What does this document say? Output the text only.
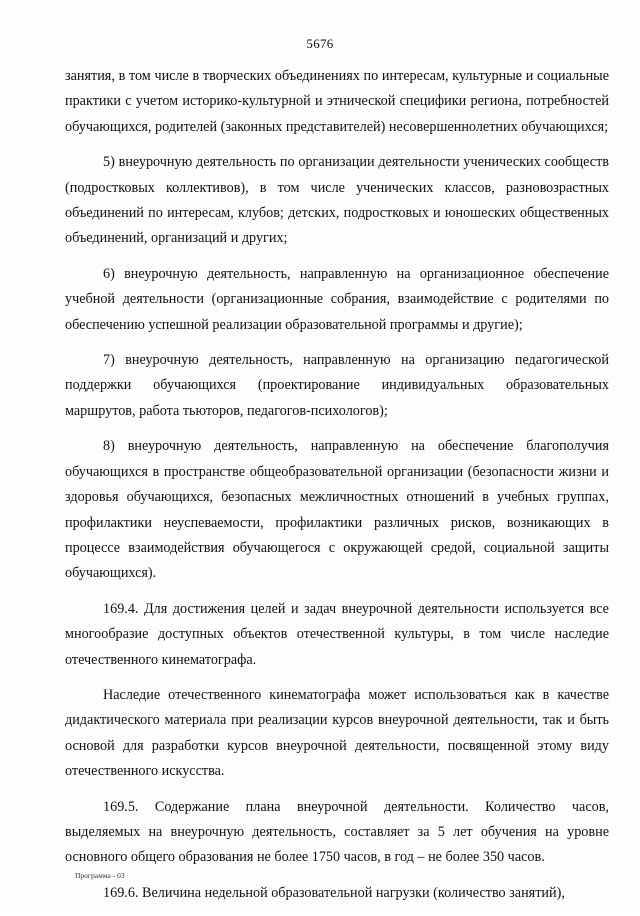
5676

занятия, в том числе в творческих объединениях по интересам, культурные и социальные практики с учетом историко-культурной и этнической специфики региона, потребностей обучающихся, родителей (законных представителей) несовершеннолетних обучающихся;

5) внеурочную деятельность по организации деятельности ученических сообществ (подростковых коллективов), в том числе ученических классов, разновозрастных объединений по интересам, клубов; детских, подростковых и юношеских общественных объединений, организаций и других;

6) внеурочную деятельность, направленную на организационное обеспечение учебной деятельности (организационные собрания, взаимодействие с родителями по обеспечению успешной реализации образовательной программы и другие);

7) внеурочную деятельность, направленную на организацию педагогической поддержки обучающихся (проектирование индивидуальных образовательных маршрутов, работа тьюторов, педагогов-психологов);

8) внеурочную деятельность, направленную на обеспечение благополучия обучающихся в пространстве общеобразовательной организации (безопасности жизни и здоровья обучающихся, безопасных межличностных отношений в учебных группах, профилактики неуспеваемости, профилактики различных рисков, возникающих в процессе взаимодействия обучающегося с окружающей средой, социальной защиты обучающихся).

169.4. Для достижения целей и задач внеурочной деятельности используется все многообразие доступных объектов отечественной культуры, в том числе наследие отечественного кинематографа.

Наследие отечественного кинематографа может использоваться как в качестве дидактического материала при реализации курсов внеурочной деятельности, так и быть основой для разработки курсов внеурочной деятельности, посвященной этому виду отечественного искусства.

169.5. Содержание плана внеурочной деятельности. Количество часов, выделяемых на внеурочную деятельность, составляет за 5 лет обучения на уровне основного общего образования не более 1750 часов, в год – не более 350 часов.

169.6. Величина недельной образовательной нагрузки (количество занятий),

Программа - 03
